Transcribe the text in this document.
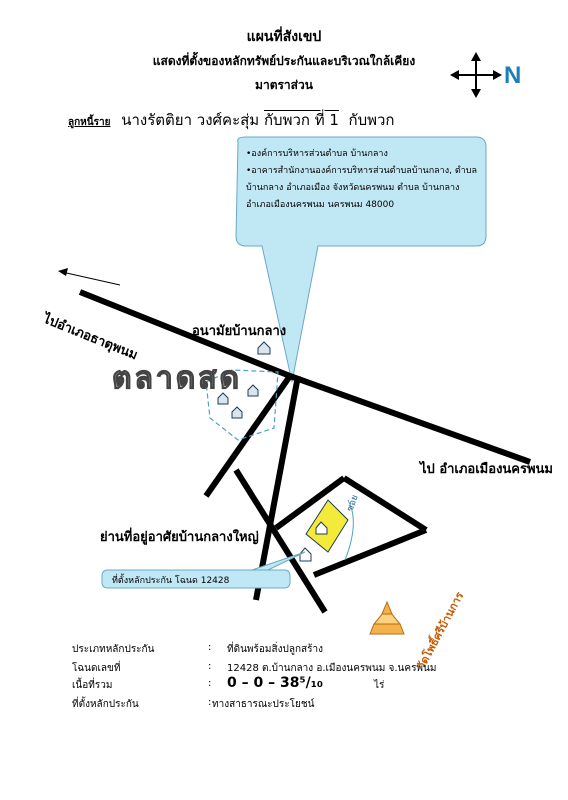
แผนที่สังเขป
แสดงที่ตั้งของหลักทรัพย์ประกันและบริเวณใกล้เคียง
มาตราส่วน	N
ลูกหนี้ราย นางรัตติยา วงศ์คะสุ่ม กับพวก ที่ 1 กับพวก
ตลาดสด
ซอย
•องค์การบริหารส่วนตำบล บ้านกลาง
•อาคารสำนักงานองค์การบริหารส่วนตำบลบ้านกลาง, ตำบล
บ้านกลาง อำเภอเมือง จังหวัดนครพนม ตำบล บ้านกลาง
อำเภอเมืองนครพนม นครพนม 48000
ไปอำเภอธาตุพนม	อนามัยบ้านกลาง
ไป อำเภอเมืองนครพนม
ย่านที่อยู่อาศัยบ้านกลางใหญ่
ที่ตั้งหลักประกัน โฉนด 12428
วัดโพธิ์ศรีบ้านการ
ประเภทหลักประกัน	: ที่ดินพร้อมสิ่งปลูกสร้าง
โฉนดเลขที่	: 12428 ต.บ้านกลาง อ.เมืองนครพนม จ.นครพนม
เนื้อที่รวม	: 0 – 0 – 38⁵/₁₀	ไร่
ที่ตั้งหลักประกัน	: ทางสาธารณะประโยชน์
